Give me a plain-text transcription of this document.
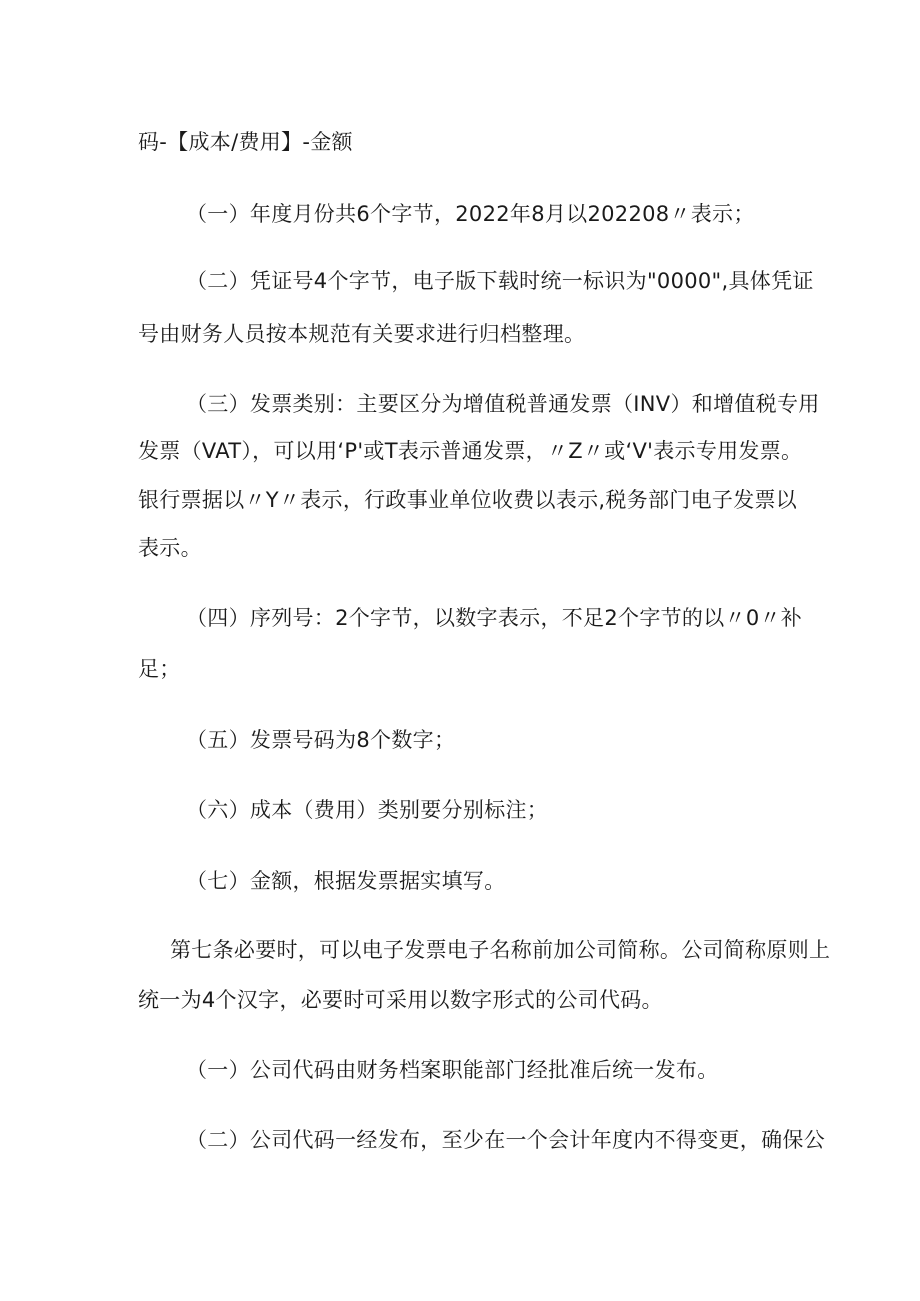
码-【成本/费用】-金额
（一）年度月份共6个字节，2022年8月以202208〃表示；
（二）凭证号4个字节，电子版下载时统一标识为"0000",具体凭证
号由财务人员按本规范有关要求进行归档整理。
（三）发票类别：主要区分为增值税普通发票（INV）和增值税专用
发票（VAT），可以用‘P'或T表示普通发票，〃Z〃或‘V'表示专用发票。
银行票据以〃Y〃表示，行政事业单位收费以表示,税务部门电子发票以
表示。
（四）序列号：2个字节，以数字表示，不足2个字节的以〃0〃补
足；
（五）发票号码为8个数字；
（六）成本（费用）类别要分别标注；
（七）金额，根据发票据实填写。
第七条必要时，可以电子发票电子名称前加公司简称。公司简称原则上
统一为4个汉字，必要时可采用以数字形式的公司代码。
（一）公司代码由财务档案职能部门经批准后统一发布。
（二）公司代码一经发布，至少在一个会计年度内不得变更，确保公
